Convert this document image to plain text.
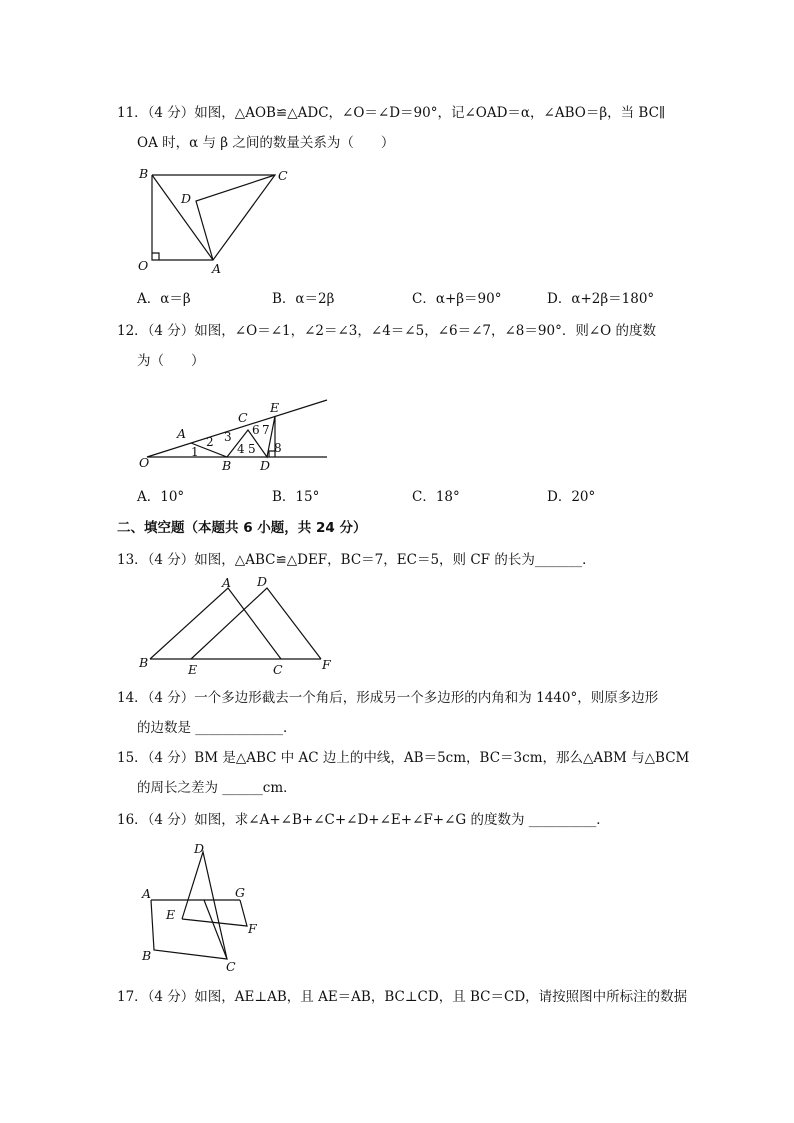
11．（4 分）如图，△AOB≌△ADC，∠O＝∠D＝90°，记∠OAD＝α，∠ABO＝β，当 BC∥
OA 时，α 与 β 之间的数量关系为（　　）
B	C
D
O	A
A．α＝β	B．α＝2β	C．α+β＝90°	D．α+2β＝180°
12．（4 分）如图，∠O＝∠1，∠2＝∠3，∠4＝∠5，∠6＝∠7，∠8＝90°．则∠O 的度数
为（　　）
O
A
B
C
D
E
1
2 3
4 5
6 7
8
A．10°	B．15°	C．18°	D．20°
二、填空题（本题共 6 小题，共 24 分）
13．（4 分）如图，△ABC≌△DEF，BC＝7，EC＝5，则 CF 的长为_______．
A D
B	E	C	F
14．（4 分）一个多边形截去一个角后，形成另一个多边形的内角和为 1440°，则原多边形
的边数是 _____________．
15．（4 分）BM 是△ABC 中 AC 边上的中线，AB＝5cm，BC＝3cm，那么△ABM 与△BCM
的周长之差为 ______cm．
16．（4 分）如图，求∠A+∠B+∠C+∠D+∠E+∠F+∠G 的度数为 __________．
D
A	G
E
F
B
C
17．（4 分）如图，AE⊥AB，且 AE＝AB，BC⊥CD，且 BC＝CD，请按照图中所标注的数据
